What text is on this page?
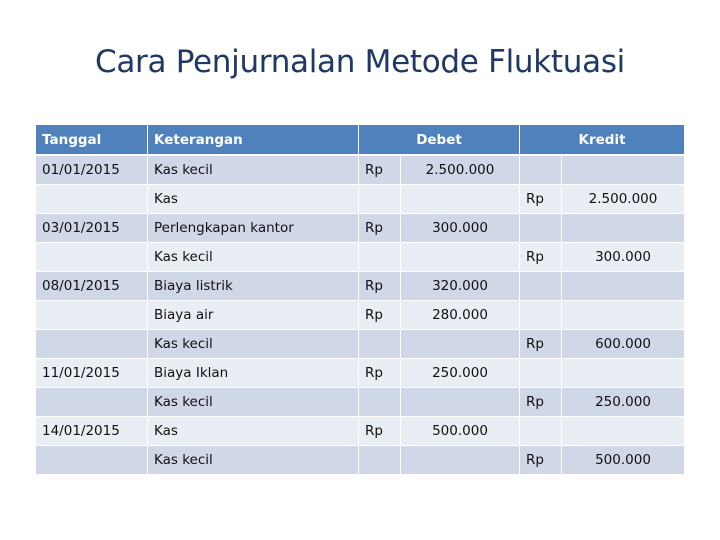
Cara Penjurnalan Metode Fluktuasi
Tanggal	Keterangan	Debet		Kredit	
01/01/2015	Kas kecil	Rp	2.500.000		
	Kas			Rp	2.500.000
03/01/2015	Perlengkapan kantor	Rp	300.000		
	Kas kecil			Rp	300.000
08/01/2015	Biaya listrik	Rp	320.000		
	Biaya air	Rp	280.000		
	Kas kecil			Rp	600.000
11/01/2015	Biaya Iklan	Rp	250.000		
	Kas kecil			Rp	250.000
14/01/2015	Kas	Rp	500.000		
	Kas kecil			Rp	500.000
